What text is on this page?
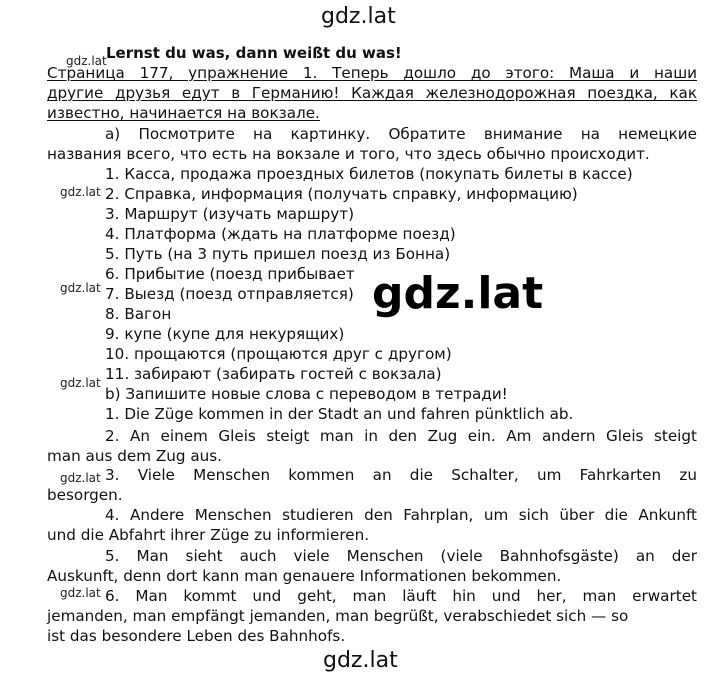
gdz.lat
gdz.lat
gdz.lat
gdz.lat
gdz.lat
gdz.lat
gdz.lat
Lernst du was, dann weißt du was!
Страница 177, упражнение 1. Теперь дошло до этого: Маша и наши
другие друзья едут в Германию! Каждая железнодорожная поездка, как
известно, начинается на вокзале.
а) Посмотрите на картинку. Обратите внимание на немецкие
названия всего, что есть на вокзале и того, что здесь обычно происходит.
1. Касса, продажа проездных билетов (покупать билеты в кассе)
2. Справка, информация (получать справку, информацию)
3. Маршрут (изучать маршрут)
4. Платформа (ждать на платформе поезд)
5. Путь (на 3 путь пришел поезд из Бонна)
6. Прибытие (поезд прибывает
7. Выезд (поезд отправляется)
8. Вагон
9. купе (купе для некурящих)
10. прощаются (прощаются друг с другом)
11. забирают (забирать гостей с вокзала)
b) Запишите новые слова с переводом в тетради!
1. Die Züge kommen in der Stadt an und fahren pünktlich ab.
2. An einem Gleis steigt man in den Zug ein. Am andern Gleis steigt
man aus dem Zug aus.
3. Viele Menschen kommen an die Schalter, um Fahrkarten zu
besorgen.
4. Andere Menschen studieren den Fahrplan, um sich über die Ankunft
und die Abfahrt ihrer Züge zu informieren.
5. Man sieht auch viele Menschen (viele Bahnhofsgäste) an der
Auskunft, denn dort kann man genauere Informationen bekommen.
6. Man kommt und geht, man läuft hin und her, man erwartet
jemanden, man empfängt jemanden, man begrüßt, verabschiedet sich — so
ist das besondere Leben des Bahnhofs.
gdz.lat
gdz.lat
